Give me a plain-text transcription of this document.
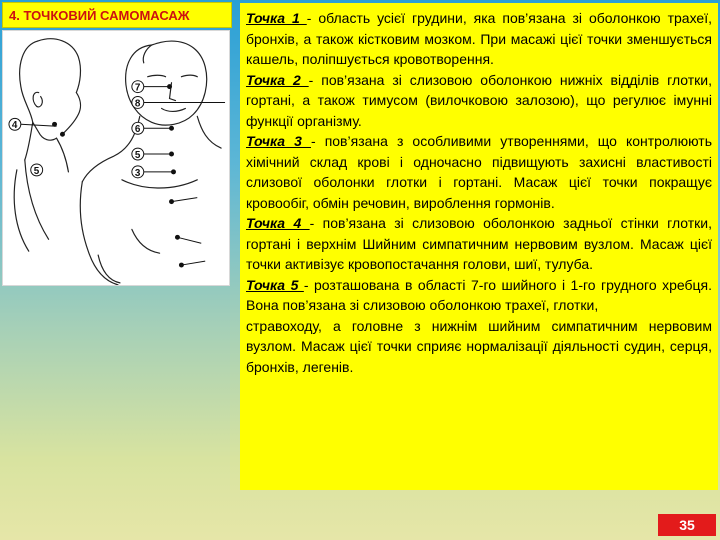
4. ТОЧКОВИЙ САМОМАСАЖ
4
5
7
8
6
5
3

Точка 1 - область усієї грудини, яка пов’язана зі оболонкою трахеї, бронхів, а також кістковим мозком. При масажі цієї точки зменшується кашель, поліпшується кровотворення.

Точка 2 - пов’язана зі слизовою оболонкою нижніх відділів глотки, гортані, а також тимусом (вилочковою залозою), що регулює імунні функції організму.

Точка 3 - пов’язана з особливими утвореннями, що контролюють хімічний склад крові і одночасно підвищують захисні властивості слизової оболонки глотки і гортані. Масаж цієї точки покращує кровообіг, обмін речовин, вироблення гормонів.

Точка 4 - пов’язана зі слизовою оболонкою задньої стінки глотки, гортані і верхнім Шийним симпатичним нервовим вузлом. Масаж цієї точки активізує кровопостачання голови, шиї, тулуба.

Точка 5 - розташована в області 7-го шийного і 1-го грудного хребця. Вона пов’язана зі слизовою оболонкою трахеї, глотки,

стравоходу, а головне з нижнім шийним симпатичним нервовим вузлом. Масаж цієї точки сприяє нормалізації діяльності судин, серця, бронхів, легенів.

35
